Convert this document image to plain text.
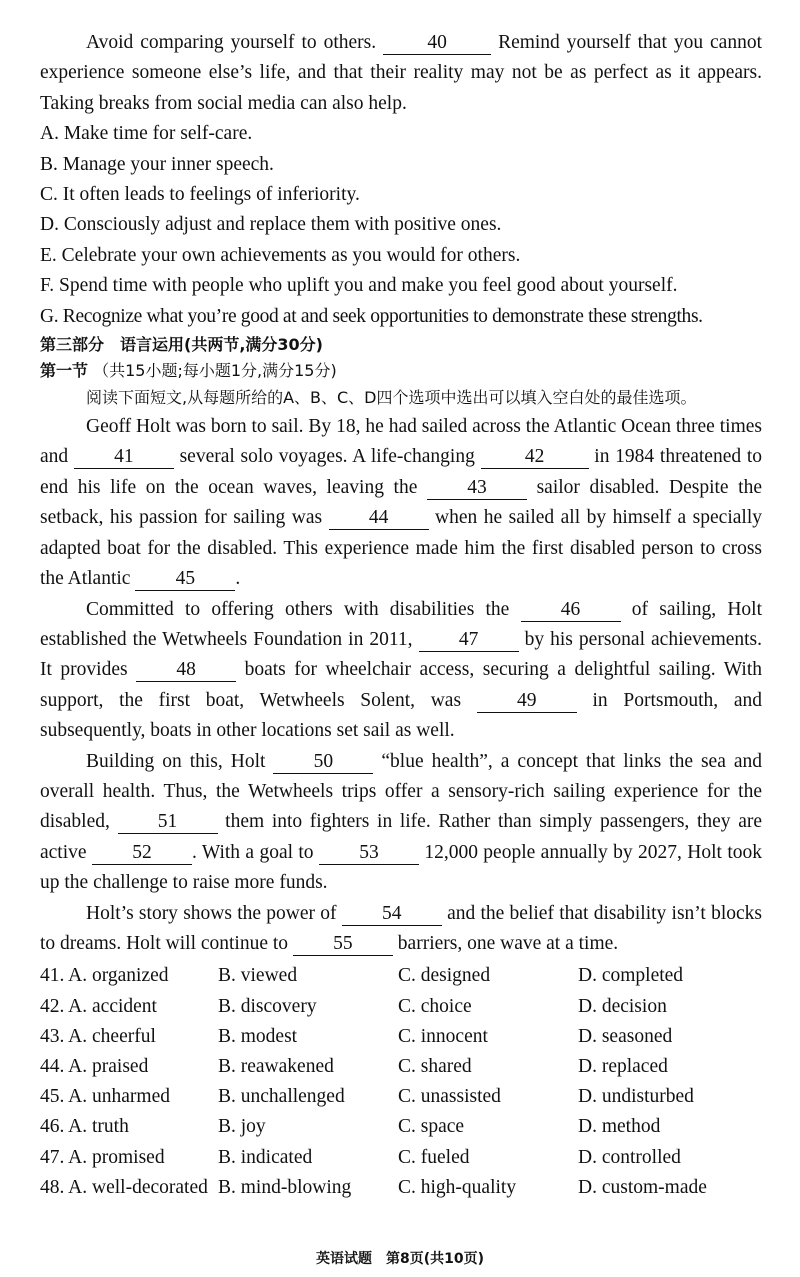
Avoid comparing yourself to others.	40	Remind yourself that you cannot experience someone else’s life, and that their reality may not be as perfect as it appears. Taking breaks from social media can also help.

A. Make time for self-care.

B. Manage your inner speech.

C. It often leads to feelings of inferiority.

D. Consciously adjust and replace them with positive ones.

E. Celebrate your own achievements as you would for others.

F. Spend time with people who uplift you and make you feel good about yourself.

G. Recognize what you’re good at and seek opportunities to demonstrate these strengths.

第三部分　语言运用(共两节,满分30分)

第一节 （共15小题;每小题1分,满分15分)

阅读下面短文,从每题所给的A、B、C、D四个选项中选出可以填入空白处的最佳选项。

Geoff Holt was born to sail. By 18, he had sailed across the Atlantic Ocean three times and 41 several solo voyages. A life-changing	42	in 1984 threatened to end his life on the ocean waves, leaving the	43	sailor disabled. Despite the setback, his passion for sailing was 44 when he sailed all by himself a specially adapted boat for the disabled. This experience made him the first disabled person to cross the Atlantic 45 .

Committed to offering others with disabilities the	46	of sailing, Holt established the Wetwheels Foundation in 2011, 47 by his personal achievements. It provides	48	boats for wheelchair access, securing a delightful sailing. With support, the first boat, Wetwheels Solent, was	49	in Portsmouth, and subsequently, boats in other locations set sail as well.

Building on this, Holt 50 “blue health”, a concept that links the sea and overall health. Thus, the Wetwheels trips offer a sensory-rich sailing experience for the disabled, 51 them into fighters in life. Rather than simply passengers, they are active 52 . With a goal to 53 12,000 people annually by 2027, Holt took up the challenge to raise more funds.

Holt’s story shows the power of 54 and the belief that disability isn’t blocks to dreams. Holt will continue to 55 barriers, one wave at a time.

41. A. organized	B. viewed	C. designed	D. completed
42. A. accident	B. discovery	C. choice	D. decision
43. A. cheerful	B. modest	C. innocent	D. seasoned
44. A. praised	B. reawakened	C. shared	D. replaced
45. A. unharmed	B. unchallenged	C. unassisted	D. undisturbed
46. A. truth	B. joy	C. space	D. method
47. A. promised	B. indicated	C. fueled	D. controlled
48. A. well-decorated B. mind-blowing	C. high-quality	D. custom-made
英语试题　第8页(共10页)
